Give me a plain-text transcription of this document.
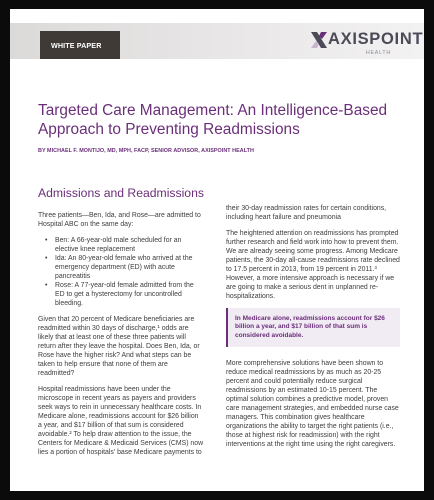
WHITE PAPER	AXISPOINT
HEALTH
Targeted Care Management: An Intelligence-Based Approach to Preventing Readmissions
BY MICHAEL F. MONTIJO, MD, MPH, FACP, SENIOR ADVISOR, AXISPOINT HEALTH
Admissions and Readmissions

Three patients—Ben, Ida, and Rose—are admitted to Hospital ABC on the same day:

• Ben: A 66-year-old male scheduled for an elective knee replacement
• Ida: An 80-year-old female who arrived at the emergency department (ED) with acute pancreatitis
• Rose: A 77-year-old female admitted from the ED to get a hysterectomy for uncontrolled bleeding.

Given that 20 percent of Medicare beneficiaries are readmitted within 30 days of discharge,¹ odds are likely that at least one of these three patients will return after they leave the hospital. Does Ben, Ida, or Rose have the higher risk? And what steps can be taken to help ensure that none of them are readmitted?

Hospital readmissions have been under the microscope in recent years as payers and providers seek ways to rein in unnecessary healthcare costs. In Medicare alone, readmissions account for $26 billion a year, and $17 billion of that sum is considered avoidable.² To help draw attention to the issue, the Centers for Medicare & Medicaid Services (CMS) now lies a portion of hospitals' base Medicare payments to

their 30-day readmission rates for certain conditions, including heart failure and pneumonia

The heightened attention on readmissions has prompted further research and field work into how to prevent them. We are already seeing some progress. Among Medicare patients, the 30-day all-cause readmissions rate declined to 17.5 percent in 2013, from 19 percent in 2011.³ However, a more intensive approach is necessary if we are going to make a serious dent in unplanned re-hospitalizations.

In Medicare alone, readmissions account for $26 billion a year, and $17 billion of that sum is considered avoidable.

More comprehensive solutions have been shown to reduce medical readmissions by as much as 20-25 percent and could potentially reduce surgical readmissions by an estimated 10-15 percent. The optimal solution combines a predictive model, proven care management strategies, and embedded nurse case managers. This combination gives healthcare organizations the ability to target the right patients (i.e., those at highest risk for readmission) with the right interventions at the right time using the right caregivers.
